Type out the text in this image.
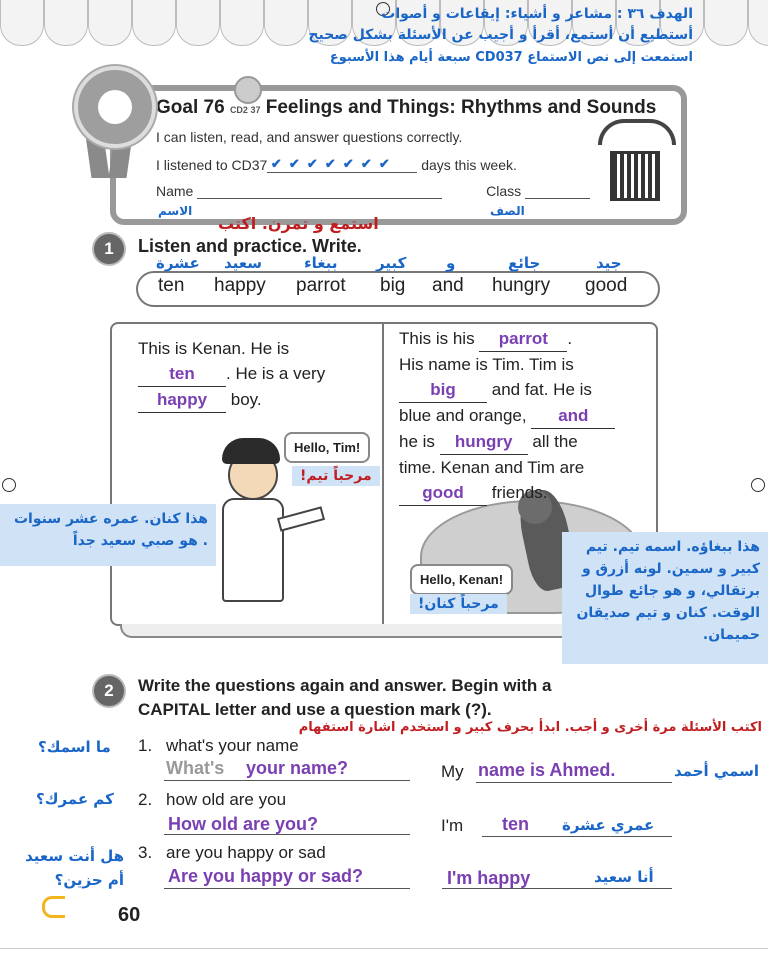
الهدف ٣٦ : مشاعر و أشياء: إيقاعات و أصوات
أستطيع أن أستمع، أقرأ و أجيب عن الأسئلة بشكل صحيح
استمعت إلى نص الاستماع CD037 سبعة أيام هذا الأسبوع
Goal 76 CD2 37 Feelings and Things: Rhythms and Sounds
I can listen, read, and answer questions correctly.
I listened to CD37 ✔ ✔ ✔ ✔ ✔ ✔ ✔ days this week.
Name	Class
الاسم	الصف
استمع و تمرن. اكتب
1	Listen and practice. Write.
ten happy parrot big and hungry good
عشرة سعيد	ببغاء	كبير	و	جائع	جيد
This is Kenan. He is
ten . He is a very
happy boy.
This is his parrot .
His name is Tim. Tim is
big and fat. He is
blue and orange, and
he is hungry all the
time. Kenan and Tim are
good friends.
Hello, Tim!
مرحباً تيم!
Hello, Kenan!
مرحباً كنان!
هذا كنان. عمره عشر سنوات . هو صبي سعيد جداً	هذا ببغاؤه. اسمه تيم. تيم كبير و سمين. لونه أزرق و برتقالي، و هو جائع طوال الوقت. كنان و تيم صديقان حميمان.
2	Write the questions again and answer. Begin with a
CAPITAL letter and use a question mark (?).
اكتب الأسئلة مرة أخرى و أجب. ابدأ بحرف كبير و استخدم اشارة استفهام
ما اسمك؟ 1. what's your name
What's your name?	My name is Ahmed.	اسمي أحمد
كم عمرك؟ 2. how old are you
How old are you?	I'm ten عمري عشرة
هل أنت سعيد أم حزين؟
3. are you happy or sad
Are you happy or sad?	I'm happy	أنا سعيد
60
